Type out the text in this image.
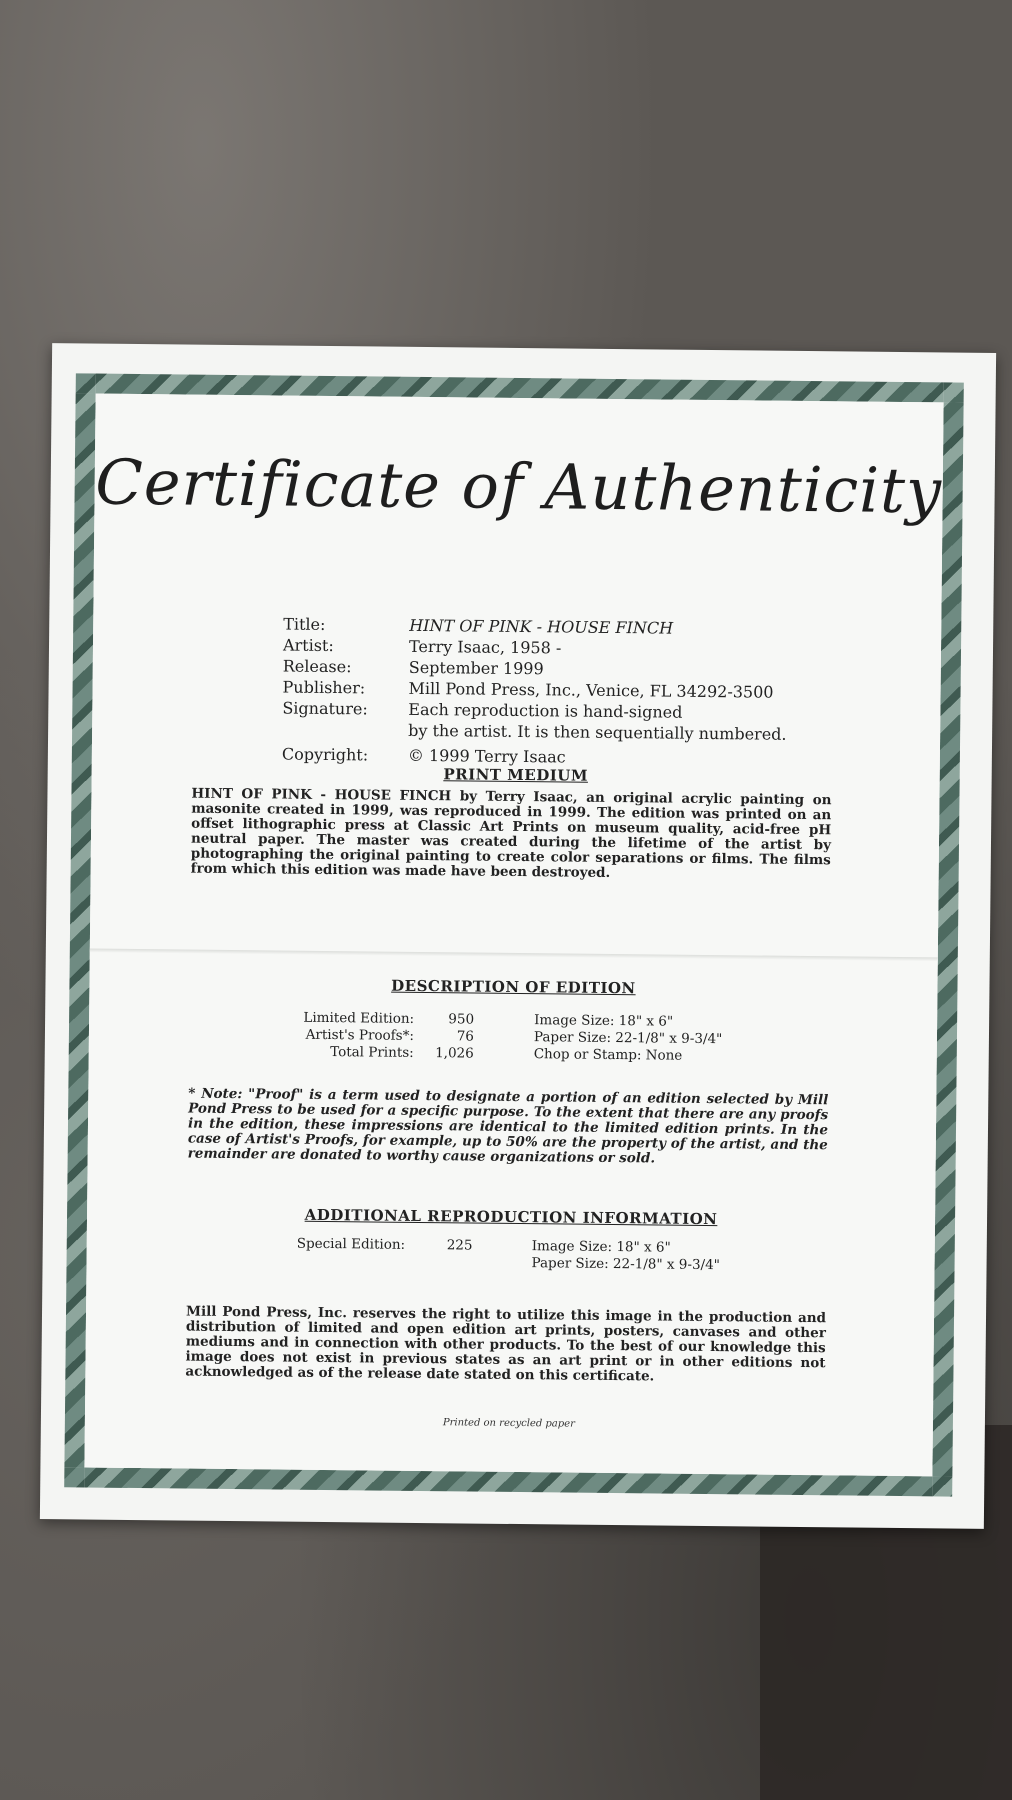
Certificate of Authenticity
Title:	HINT OF PINK - HOUSE FINCH
Artist:	Terry Isaac, 1958 -
Release:	September 1999
Publisher:	Mill Pond Press, Inc., Venice, FL 34292-3500
Signature:	Each reproduction is hand-signed
by the artist. It is then sequentially numbered.
Copyright:	© 1999 Terry Isaac
PRINT MEDIUM
HINT OF PINK - HOUSE FINCH by Terry Isaac, an original acrylic painting on masonite created in 1999, was reproduced in 1999. The edition was printed on an offset lithographic press at Classic Art Prints on museum quality, acid-free pH neutral paper. The master was created during the lifetime of the artist by photographing the original painting to create color separations or films. The films from which this edition was made have been destroyed.
DESCRIPTION OF EDITION
Limited Edition:	950	Image Size: 18" x 6"
Artist's Proofs*:	76	Paper Size: 22-1/8" x 9-3/4"
Total Prints:	1,026	Chop or Stamp: None
* Note: "Proof" is a term used to designate a portion of an edition selected by Mill Pond Press to be used for a specific purpose. To the extent that there are any proofs in the edition, these impressions are identical to the limited edition prints. In the case of Artist's Proofs, for example, up to 50% are the property of the artist, and the remainder are donated to worthy cause organizations or sold.
ADDITIONAL REPRODUCTION INFORMATION
Special Edition:	225	Image Size: 18" x 6"
Paper Size: 22-1/8" x 9-3/4"
Mill Pond Press, Inc. reserves the right to utilize this image in the production and distribution of limited and open edition art prints, posters, canvases and other mediums and in connection with other products. To the best of our knowledge this image does not exist in previous states as an art print or in other editions not acknowledged as of the release date stated on this certificate.
Printed on recycled paper
